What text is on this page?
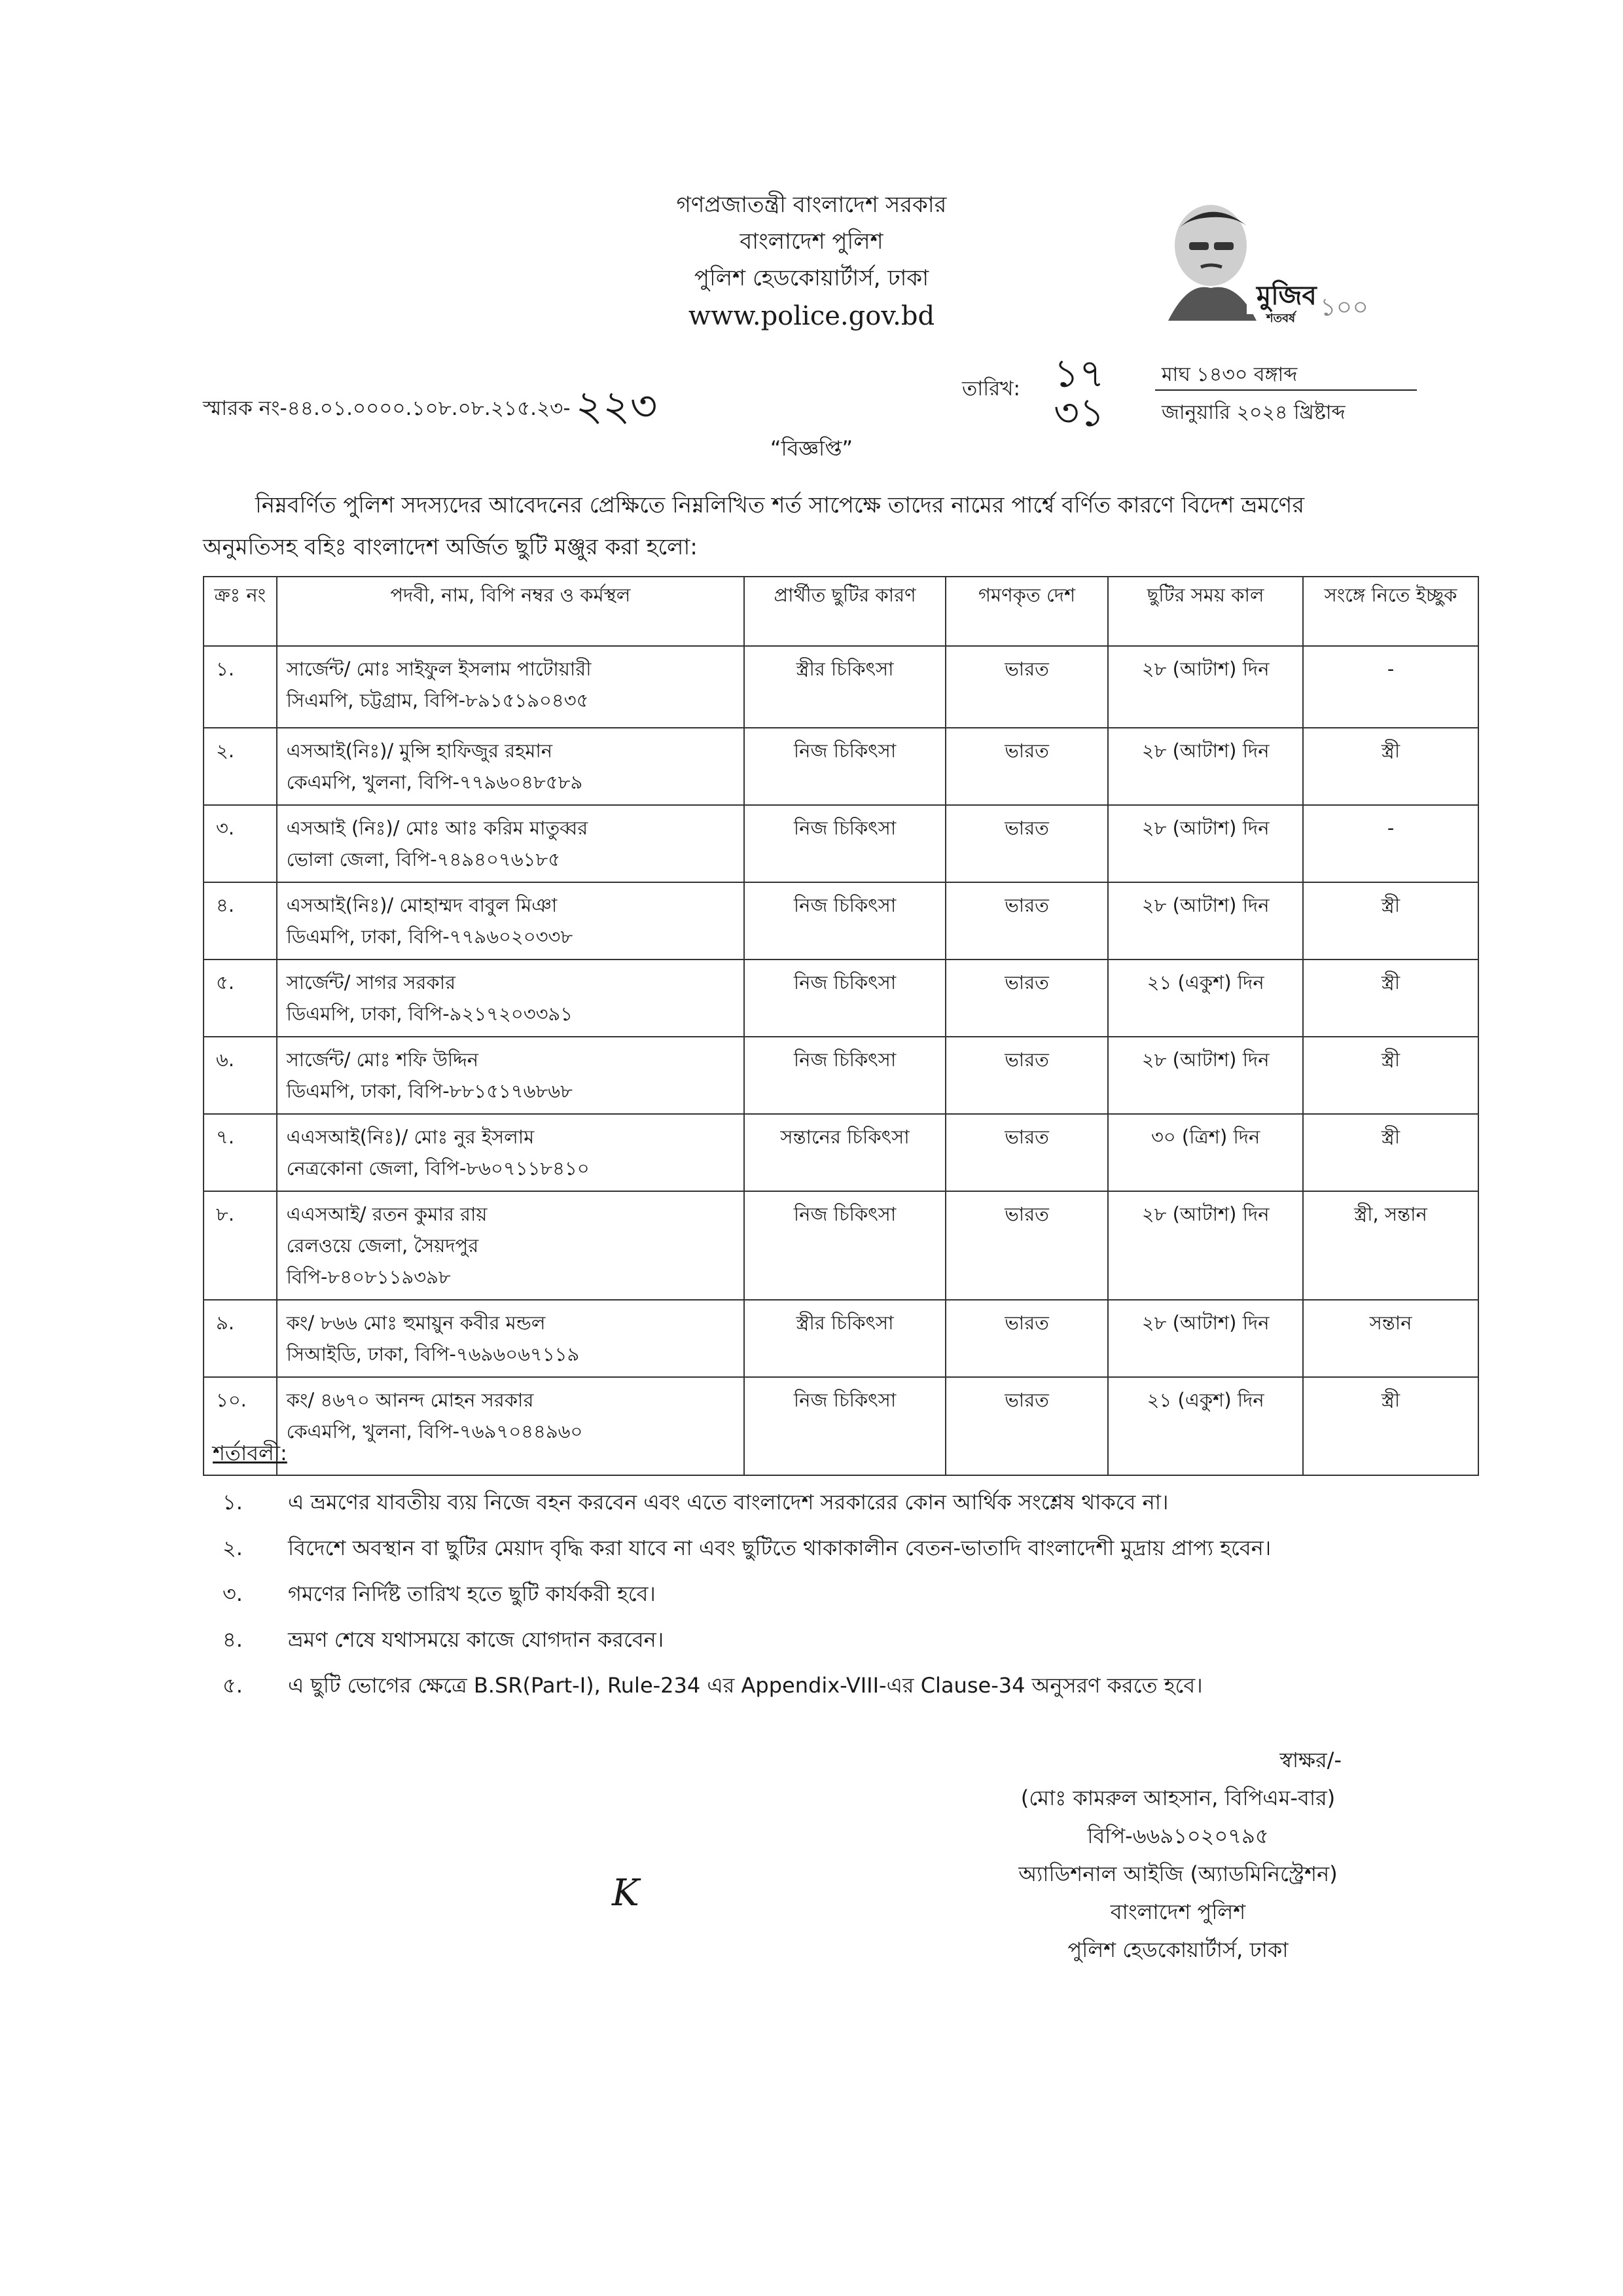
গণপ্রজাতন্ত্রী বাংলাদেশ সরকার
বাংলাদেশ পুলিশ
পুলিশ হেডকোয়ার্টার্স, ঢাকা
www.police.gov.bd
মুজিব
শতবর্ষ ১০০
স্মারক নং-৪৪.০১.০০০০.১০৮.০৮.২১৫.২৩- ২২৩	তারিখ: ১৭
৩১
মাঘ ১৪৩০ বঙ্গাব্দ
জানুয়ারি ২০২৪ খ্রিষ্টাব্দ
“বিজ্ঞপ্তি”

নিম্নবর্ণিত পুলিশ সদস্যদের আবেদনের প্রেক্ষিতে নিম্নলিখিত শর্ত সাপেক্ষে তাদের নামের পার্শ্বে বর্ণিত কারণে বিদেশ ভ্রমণের

অনুমতিসহ বহিঃ বাংলাদেশ অর্জিত ছুটি মঞ্জুর করা হলো:

ক্রঃ নং	পদবী, নাম, বিপি নম্বর ও কর্মস্থল	প্রার্থীত ছুটির কারণ	গমণকৃত দেশ	ছুটির সময় কাল	সংঙ্গে নিতে ইচ্ছুক
১.	সার্জেন্ট/ মোঃ সাইফুল ইসলাম পাটোয়ারী
সিএমপি, চট্টগ্রাম, বিপি-৮৯১৫১৯০৪৩৫	স্ত্রীর চিকিৎসা	ভারত	২৮ (আটাশ) দিন	-
২.	এসআই(নিঃ)/ মুন্সি হাফিজুর রহমান
কেএমপি, খুলনা, বিপি-৭৭৯৬০৪৮৫৮৯	নিজ চিকিৎসা	ভারত	২৮ (আটাশ) দিন	স্ত্রী
৩.	এসআই (নিঃ)/ মোঃ আঃ করিম মাতুব্বর
ভোলা জেলা, বিপি-৭৪৯৪০৭৬১৮৫	নিজ চিকিৎসা	ভারত	২৮ (আটাশ) দিন	-
৪.	এসআই(নিঃ)/ মোহাম্মদ বাবুল মিঞা
ডিএমপি, ঢাকা, বিপি-৭৭৯৬০২০৩৩৮	নিজ চিকিৎসা	ভারত	২৮ (আটাশ) দিন	স্ত্রী
৫.	সার্জেন্ট/ সাগর সরকার
ডিএমপি, ঢাকা, বিপি-৯২১৭২০৩৩৯১	নিজ চিকিৎসা	ভারত	২১ (একুশ) দিন	স্ত্রী
৬.	সার্জেন্ট/ মোঃ শফি উদ্দিন
ডিএমপি, ঢাকা, বিপি-৮৮১৫১৭৬৮৬৮	নিজ চিকিৎসা	ভারত	২৮ (আটাশ) দিন	স্ত্রী
৭.	এএসআই(নিঃ)/ মোঃ নুর ইসলাম
নেত্রকোনা জেলা, বিপি-৮৬০৭১১৮৪১০	সন্তানের চিকিৎসা	ভারত	৩০ (ত্রিশ) দিন	স্ত্রী
৮.	এএসআই/ রতন কুমার রায়
রেলওয়ে জেলা, সৈয়দপুর
বিপি-৮৪০৮১১৯৩৯৮	নিজ চিকিৎসা	ভারত	২৮ (আটাশ) দিন	স্ত্রী, সন্তান
৯.	কং/ ৮৬৬ মোঃ হুমায়ুন কবীর মন্ডল
সিআইডি, ঢাকা, বিপি-৭৬৯৬০৬৭১১৯	স্ত্রীর চিকিৎসা	ভারত	২৮ (আটাশ) দিন	সন্তান
১০.	কং/ ৪৬৭০ আনন্দ মোহন সরকার
কেএমপি, খুলনা, বিপি-৭৬৯৭০৪৪৯৬০	নিজ চিকিৎসা	ভারত	২১ (একুশ) দিন	স্ত্রী
শর্তাবলী:
১. এ ভ্রমণের যাবতীয় ব্যয় নিজে বহন করবেন এবং এতে বাংলাদেশ সরকারের কোন আর্থিক সংশ্লেষ থাকবে না।
২. বিদেশে অবস্থান বা ছুটির মেয়াদ বৃদ্ধি করা যাবে না এবং ছুটিতে থাকাকালীন বেতন-ভাতাদি বাংলাদেশী মুদ্রায় প্রাপ্য হবেন।
৩. গমণের নির্দিষ্ট তারিখ হতে ছুটি কার্যকরী হবে।
৪. ভ্রমণ শেষে যথাসময়ে কাজে যোগদান করবেন।
৫. এ ছুটি ভোগের ক্ষেত্রে B.SR(Part-I), Rule-234 এর Appendix-VIII-এর Clause-34 অনুসরণ করতে হবে।
স্বাক্ষর/-
(মোঃ কামরুল আহসান, বিপিএম-বার)
বিপি-৬৬৯১০২০৭৯৫
অ্যাডিশনাল আইজি (অ্যাডমিনিস্ট্রেশন)
বাংলাদেশ পুলিশ
পুলিশ হেডকোয়ার্টার্স, ঢাকা
K
